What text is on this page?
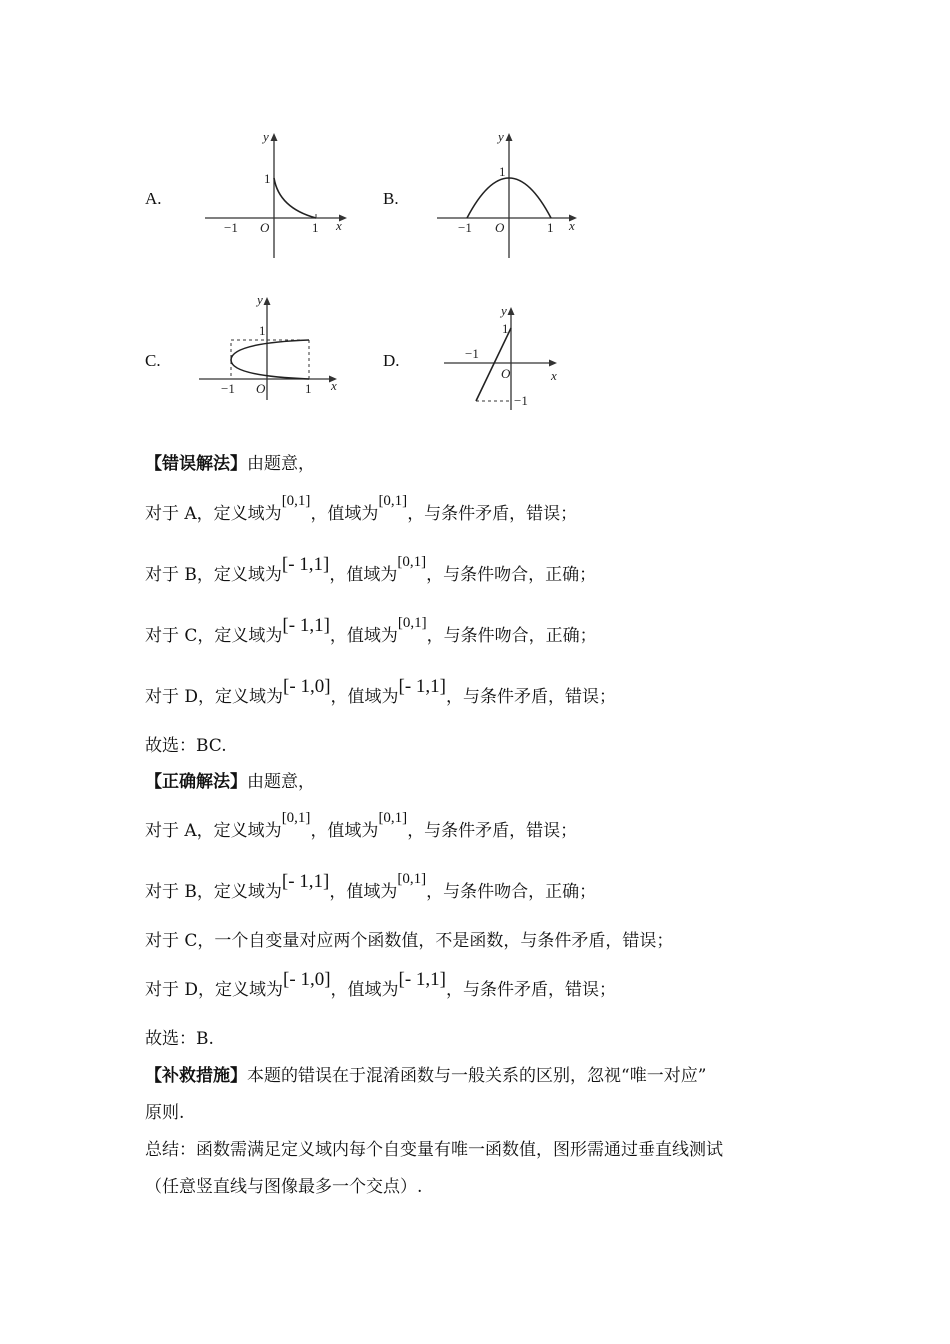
A.	B.
C.	D.
y
x
O
1
−1	1
y
x
O
1
−1	1
y
x
O
1
−1	1
y
x
O
1
−1
−1
【错误解法】由题意，
对于 A，定义域为[0,1]，值域为[0,1]，与条件矛盾，错误；
对于 B，定义域为[- 1,1]，值域为[0,1]，与条件吻合，正确；
对于 C，定义域为[- 1,1]，值域为[0,1]，与条件吻合，正确；
对于 D，定义域为[- 1,0]，值域为[- 1,1]，与条件矛盾，错误；
故选：BC.
【正确解法】由题意，
对于 A，定义域为[0,1]，值域为[0,1]，与条件矛盾，错误；
对于 B，定义域为[- 1,1]，值域为[0,1]，与条件吻合，正确；
对于 C，一个自变量对应两个函数值，不是函数，与条件矛盾，错误；
对于 D，定义域为[- 1,0]，值域为[- 1,1]，与条件矛盾，错误；
故选：B.
【补救措施】本题的错误在于混淆函数与一般关系的区别，忽视“唯一对应”
原则.
总结：函数需满足定义域内每个自变量有唯一函数值，图形需通过垂直线测试
（任意竖直线与图像最多一个交点）.
